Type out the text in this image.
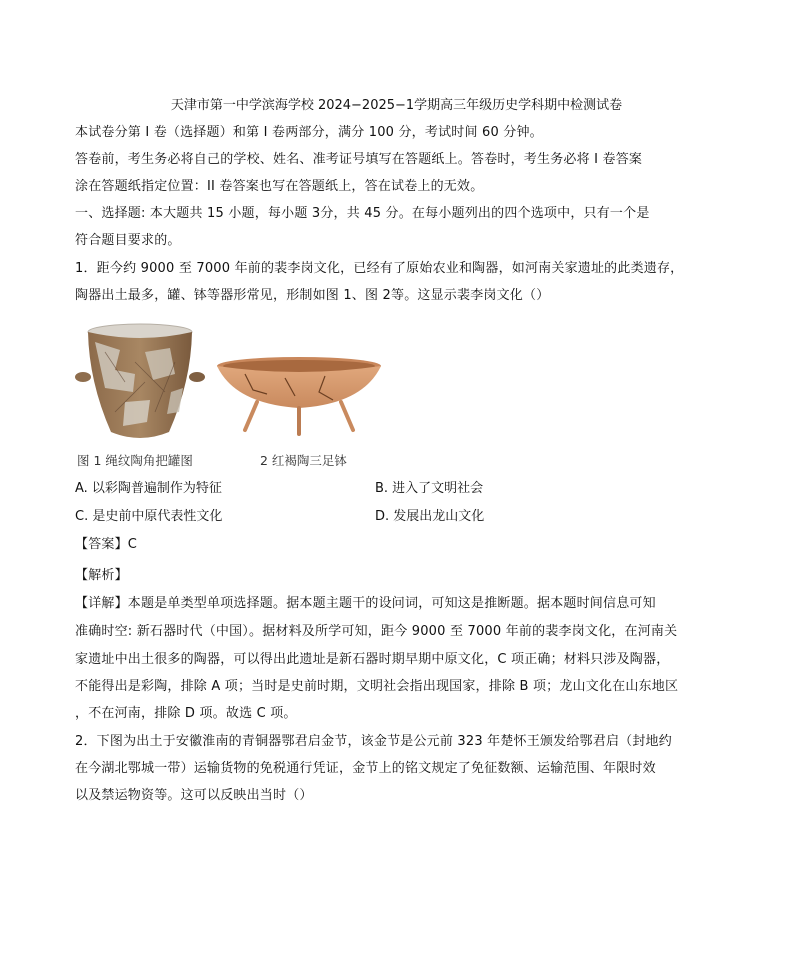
天津市第一中学滨海学校 2024−2025−1学期高三年级历史学科期中检测试卷
本试卷分第 I 卷（选择题）和第 I 卷两部分，满分 100 分，考试时间 60 分钟。
答卷前，考生务必将自己的学校、姓名、准考证号填写在答题纸上。答卷时，考生务必将 I 卷答案
涂在答题纸指定位置：II 卷答案也写在答题纸上，答在试卷上的无效。
一、选择题: 本大题共 15 小题，每小题 3分，共 45 分。在每小题列出的四个选项中，只有一个是
符合题目要求的。
1．距今约 9000 至 7000 年前的裴李岗文化，已经有了原始农业和陶器，如河南关家遗址的此类遗存，
陶器出土最多，罐、钵等器形常见，形制如图 1、图 2等。这显示裴李岗文化（）
图 1 绳纹陶角把罐图	2 红褐陶三足钵
A. 以彩陶普遍制作为特征	B. 进入了文明社会
C. 是史前中原代表性文化	D. 发展出龙山文化
【答案】C
【解析】
【详解】本题是单类型单项选择题。据本题主题干的设问词，可知这是推断题。据本题时间信息可知
准确时空: 新石器时代（中国）。据材料及所学可知，距今 9000 至 7000 年前的裴李岗文化，在河南关
家遗址中出土很多的陶器，可以得出此遗址是新石器时期早期中原文化，C 项正确；材料只涉及陶器，
不能得出是彩陶，排除 A 项；当时是史前时期，文明社会指出现国家，排除 B 项；龙山文化在山东地区
，不在河南，排除 D 项。故选 C 项。
2．下图为出土于安徽淮南的青铜器鄂君启金节，该金节是公元前 323 年楚怀王颁发给鄂君启（封地约
在今湖北鄂城一带）运输货物的免税通行凭证，金节上的铭文规定了免征数额、运输范围、年限时效
以及禁运物资等。这可以反映出当时（）
